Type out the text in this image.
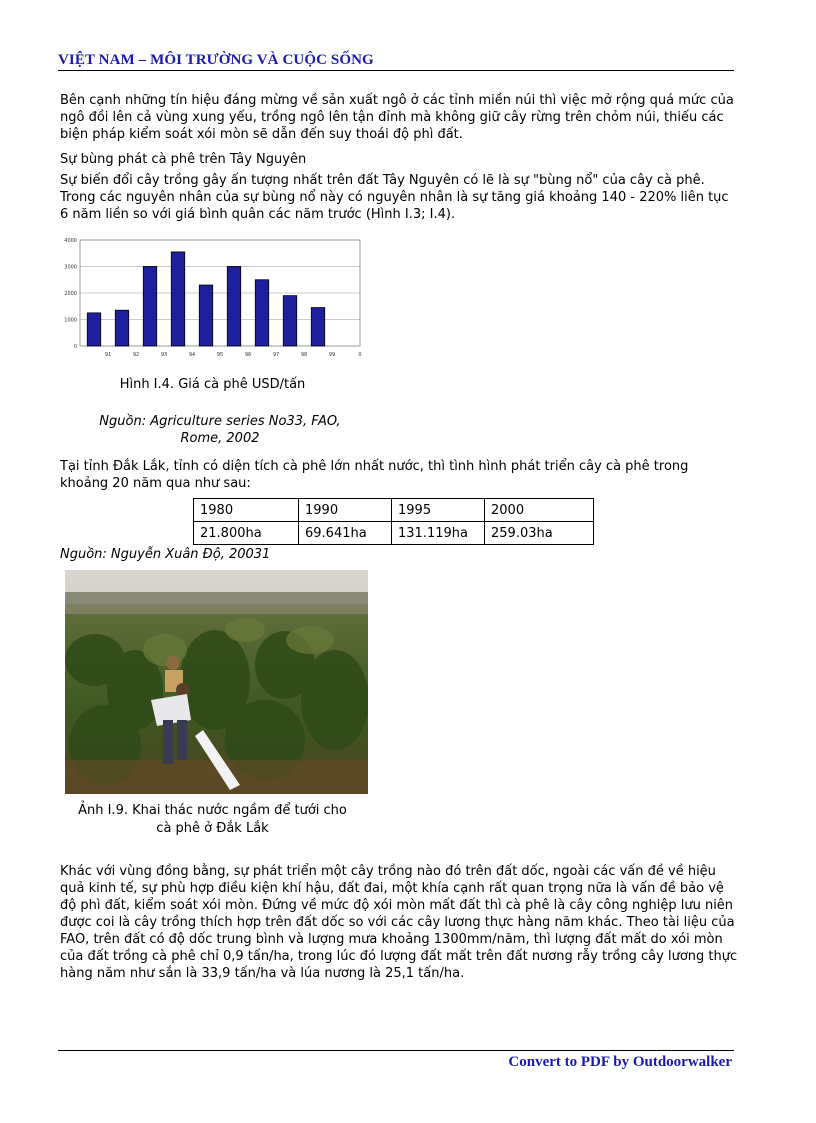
VIỆT NAM – MÔI TRƯỜNG VÀ CUỘC SỐNG

Bên cạnh những tín hiệu đáng mừng về sản xuất ngô ở các tỉnh miền núi thì việc mở rộng quá mức của ngô đồi lên cả vùng xung yếu, trồng ngô lên tận đỉnh mà không giữ cây rừng trên chỏm núi, thiếu các biện pháp kiểm soát xói mòn sẽ dẫn đến suy thoái độ phì đất.

Sự bùng phát cà phê trên Tây Nguyên

Sự biến đổi cây trồng gây ấn tượng nhất trên đất Tây Nguyên có lẽ là sự "bùng nổ" của cây cà phê. Trong các nguyên nhân của sự bùng nổ này có nguyên nhân là sự tăng giá khoảng 140 - 220% liên tục 6 năm liền so với giá bình quân các năm trước (Hình I.3; I.4).

0
1000
2000
3000
4000
91	92	93	94	95	96	97	98	99	0
Hình I.4. Giá cà phê USD/tấn
Nguồn: Agriculture series No33, FAO,
Rome, 2002

Tại tỉnh Đắk Lắk, tỉnh có diện tích cà phê lớn nhất nước, thì tình hình phát triển cây cà phê trong khoảng 20 năm qua như sau:

1980	1990	1995	2000
21.800ha	69.641ha	131.119ha	259.03ha
Nguồn: Nguyễn Xuân Độ, 20031
Ảnh I.9. Khai thác nước ngầm để tưới cho
cà phê ở Đắk Lắk

Khác với vùng đồng bằng, sự phát triển một cây trồng nào đó trên đất dốc, ngoài các vấn đề về hiệu quả kinh tế, sự phù hợp điều kiện khí hậu, đất đai, một khía cạnh rất quan trọng nữa là vấn đề bảo vệ độ phì đất, kiểm soát xói mòn. Đứng về mức độ xói mòn mất đất thì cà phê là cây công nghiệp lưu niên được coi là cây trồng thích hợp trên đất dốc so với các cây lương thực hàng năm khác. Theo tài liệu của FAO, trên đất có độ dốc trung bình và lượng mưa khoảng 1300mm/năm, thì lượng đất mất do xói mòn của đất trồng cà phê chỉ 0,9 tấn/ha, trong lúc đó lượng đất mất trên đất nương rẫy trồng cây lương thực hàng năm như sắn là 33,9 tấn/ha và lúa nương là 25,1 tấn/ha.

Convert to PDF by Outdoorwalker
